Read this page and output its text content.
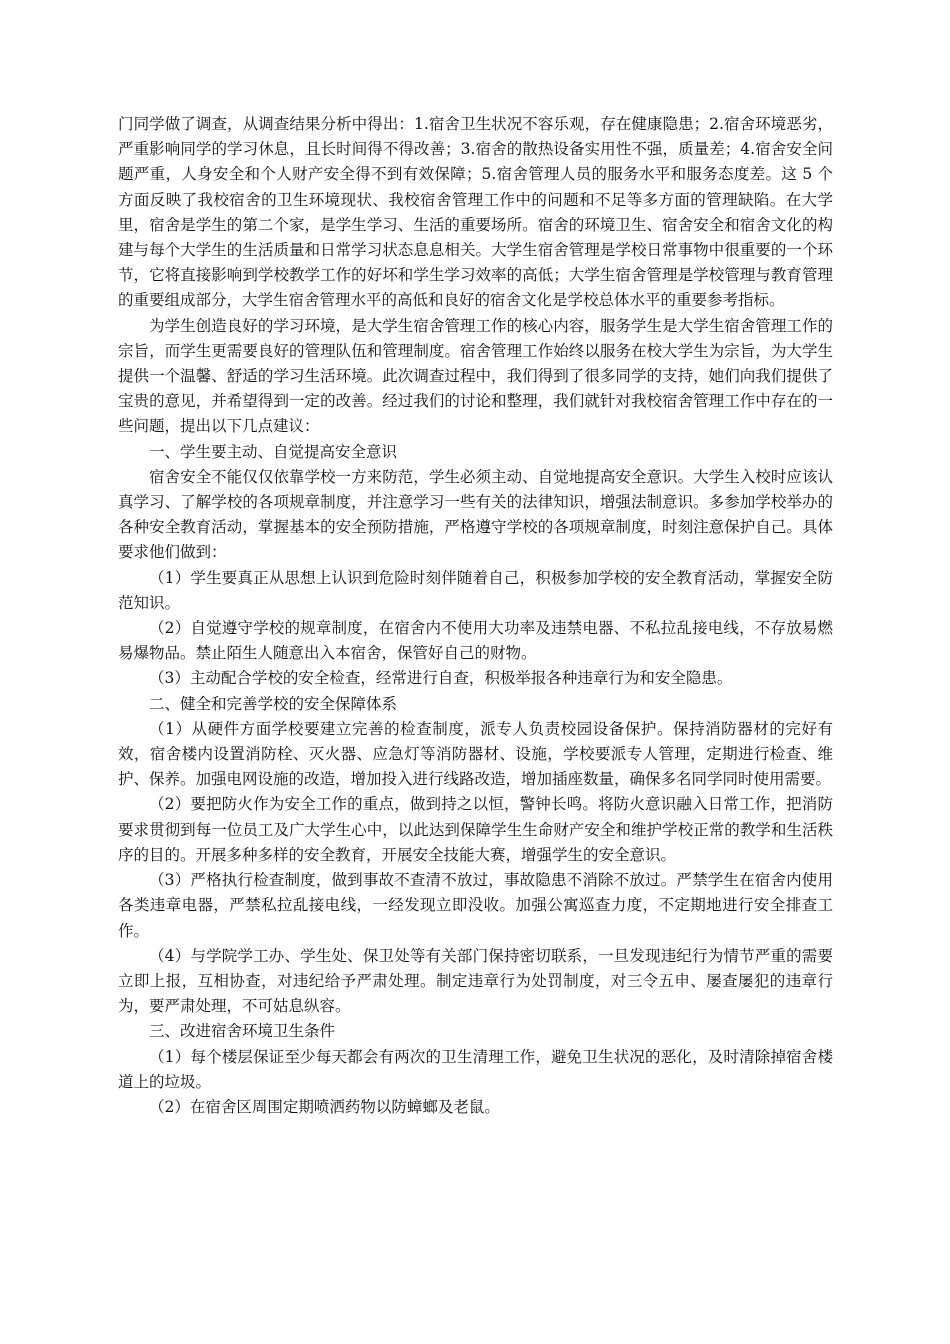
门同学做了调查，从调查结果分析中得出：1.宿舍卫生状况不容乐观，存在健康隐患；2.宿舍环境恶劣，严重影响同学的学习休息，且长时间得不得改善；3.宿舍的散热设备实用性不强，质量差；4.宿舍安全问题严重，人身安全和个人财产安全得不到有效保障；5.宿舍管理人员的服务水平和服务态度差。这 5 个方面反映了我校宿舍的卫生环境现状、我校宿舍管理工作中的问题和不足等多方面的管理缺陷。在大学里，宿舍是学生的第二个家，是学生学习、生活的重要场所。宿舍的环境卫生、宿舍安全和宿舍文化的构建与每个大学生的生活质量和日常学习状态息息相关。大学生宿舍管理是学校日常事物中很重要的一个环节，它将直接影响到学校教学工作的好坏和学生学习效率的高低；大学生宿舍管理是学校管理与教育管理的重要组成部分，大学生宿舍管理水平的高低和良好的宿舍文化是学校总体水平的重要参考指标。

为学生创造良好的学习环境，是大学生宿舍管理工作的核心内容，服务学生是大学生宿舍管理工作的宗旨，而学生更需要良好的管理队伍和管理制度。宿舍管理工作始终以服务在校大学生为宗旨，为大学生提供一个温馨、舒适的学习生活环境。此次调查过程中，我们得到了很多同学的支持，她们向我们提供了宝贵的意见，并希望得到一定的改善。经过我们的讨论和整理，我们就针对我校宿舍管理工作中存在的一些问题，提出以下几点建议：

一、学生要主动、自觉提高安全意识

宿舍安全不能仅仅依靠学校一方来防范，学生必须主动、自觉地提高安全意识。大学生入校时应该认真学习、了解学校的各项规章制度，并注意学习一些有关的法律知识，增强法制意识。多参加学校举办的各种安全教育活动，掌握基本的安全预防措施，严格遵守学校的各项规章制度，时刻注意保护自己。具体要求他们做到：

（1）学生要真正从思想上认识到危险时刻伴随着自己，积极参加学校的安全教育活动，掌握安全防范知识。

（2）自觉遵守学校的规章制度，在宿舍内不使用大功率及违禁电器、不私拉乱接电线，不存放易燃易爆物品。禁止陌生人随意出入本宿舍，保管好自己的财物。

（3）主动配合学校的安全检查，经常进行自查，积极举报各种违章行为和安全隐患。

二、健全和完善学校的安全保障体系

（1）从硬件方面学校要建立完善的检查制度，派专人负责校园设备保护。保持消防器材的完好有效，宿舍楼内设置消防栓、灭火器、应急灯等消防器材、设施，学校要派专人管理，定期进行检查、维护、保养。加强电网设施的改造，增加投入进行线路改造，增加插座数量，确保多名同学同时使用需要。

（2）要把防火作为安全工作的重点，做到持之以恒，警钟长鸣。将防火意识融入日常工作，把消防要求贯彻到每一位员工及广大学生心中，以此达到保障学生生命财产安全和维护学校正常的教学和生活秩序的目的。开展多种多样的安全教育，开展安全技能大赛，增强学生的安全意识。

（3）严格执行检查制度，做到事故不查清不放过，事故隐患不消除不放过。严禁学生在宿舍内使用各类违章电器，严禁私拉乱接电线，一经发现立即没收。加强公寓巡查力度，不定期地进行安全排查工作。

（4）与学院学工办、学生处、保卫处等有关部门保持密切联系，一旦发现违纪行为情节严重的需要立即上报，互相协查，对违纪给予严肃处理。制定违章行为处罚制度，对三令五申、屡查屡犯的违章行为，要严肃处理，不可姑息纵容。

三、改进宿舍环境卫生条件

（1）每个楼层保证至少每天都会有两次的卫生清理工作，避免卫生状况的恶化，及时清除掉宿舍楼道上的垃圾。

（2）在宿舍区周围定期喷洒药物以防蟑螂及老鼠。
